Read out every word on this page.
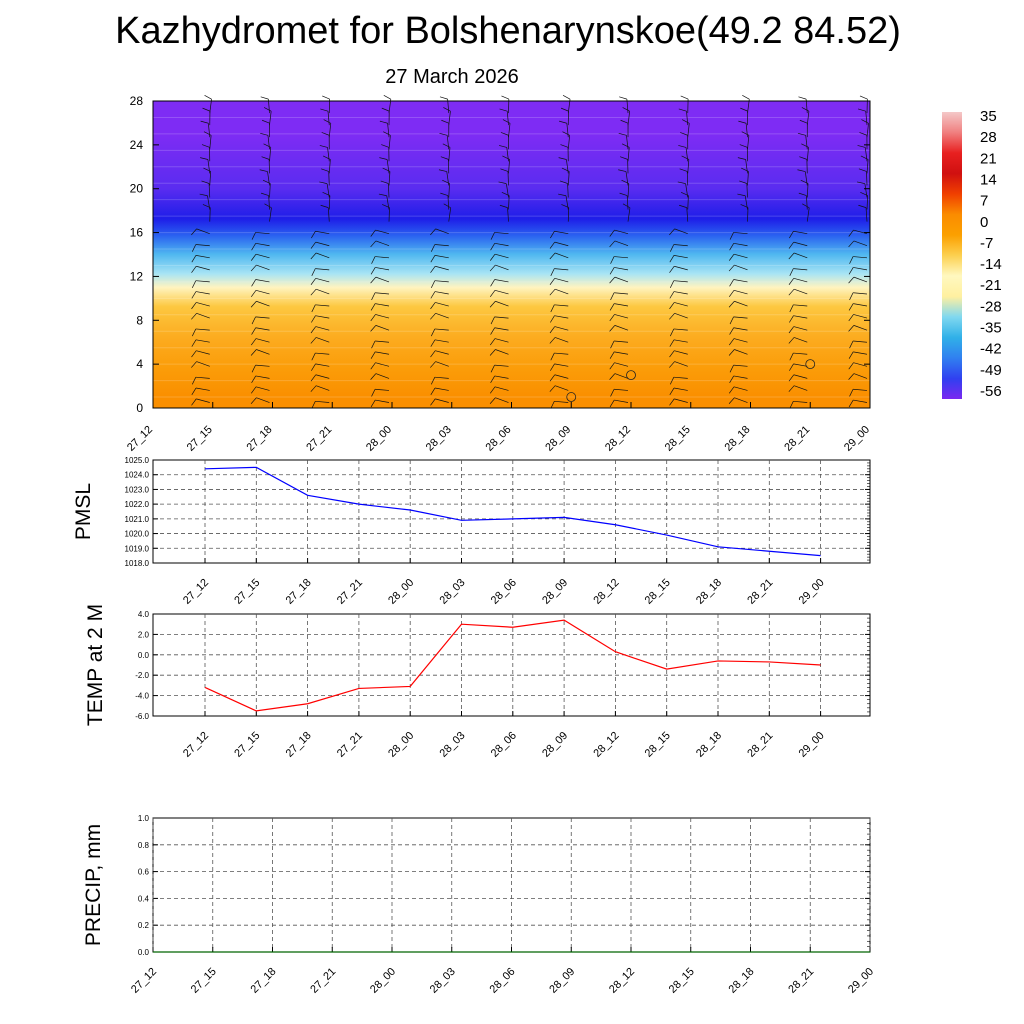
Kazhydromet for Bolshenarynskoe(49.2 84.52)
27 March 2026
0
4
8
12
16
20
24
28
27_12	27_15	27_18	27_21	28_00	28_03	28_06	28_09	28_12	28_15	28_18	28_21	29_00
35
28
21
14
7
0
-7
-14
-21
-28
-35
-42
-49
-56
1025.0
1024.0
1023.0
1022.0
1021.0
1020.0
1019.0
1018.0
27_12 27_15 27_18 27_21 28_00 28_03 28_06 28_09 28_12 28_15 28_18 28_21 29_00
PMSL
4.0
2.0
0.0
-2.0
-4.0
-6.0
27_12 27_15 27_18 27_21 28_00 28_03 28_06 28_09 28_12 28_15 28_18 28_21 29_00
TEMP at 2 M
1.0
0.8
0.6
0.4
0.2
0.0
27_12	27_15	27_18	27_21	28_00	28_03	28_06	28_09	28_12	28_15	28_18	28_21	29_00
PRECIP, mm
